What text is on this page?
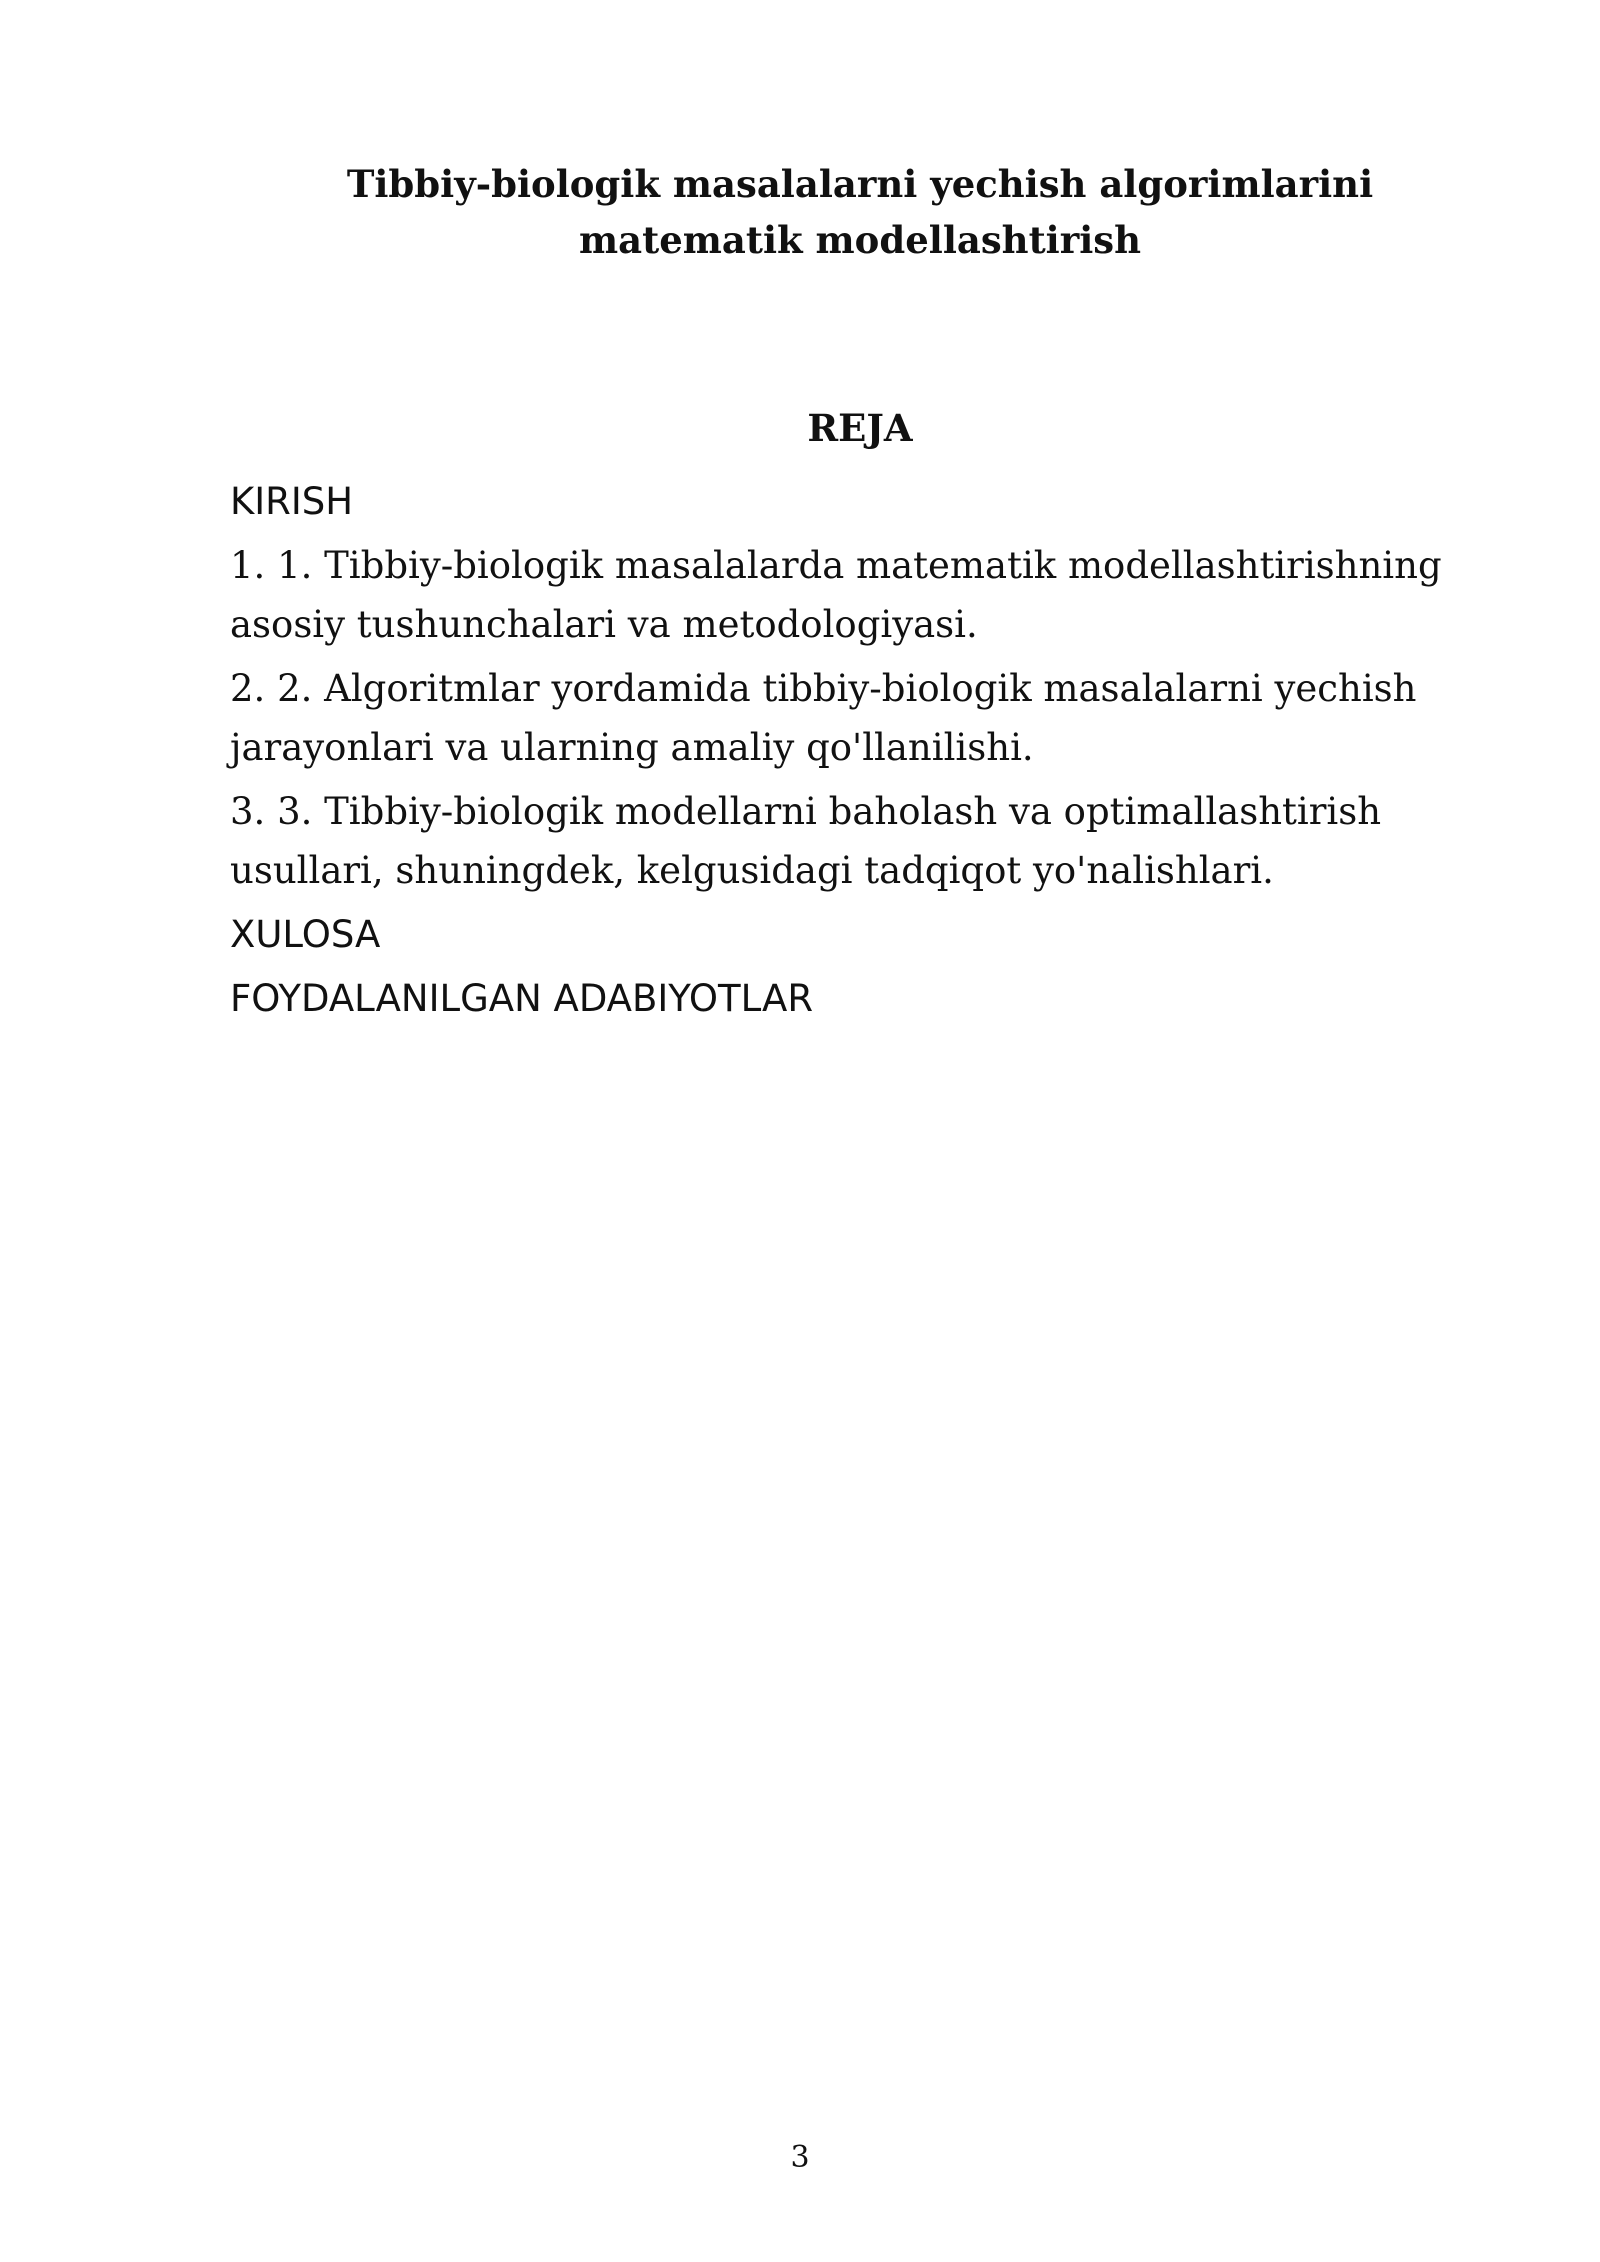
Tibbiy-biologik masalalarni yechish algorimlarini matematik modellashtirish
REJA
KIRISH
1. 1. Tibbiy-biologik masalalarda matematik modellashtirishning asosiy tushunchalari va metodologiyasi.
2. 2. Algoritmlar yordamida tibbiy-biologik masalalarni yechish jarayonlari va ularning amaliy qo'llanilishi.
3. 3. Tibbiy-biologik modellarni baholash va optimallashtirish usullari, shuningdek, kelgusidagi tadqiqot yo'nalishlari.
XULOSA
FOYDALANILGAN ADABIYOTLAR
3
